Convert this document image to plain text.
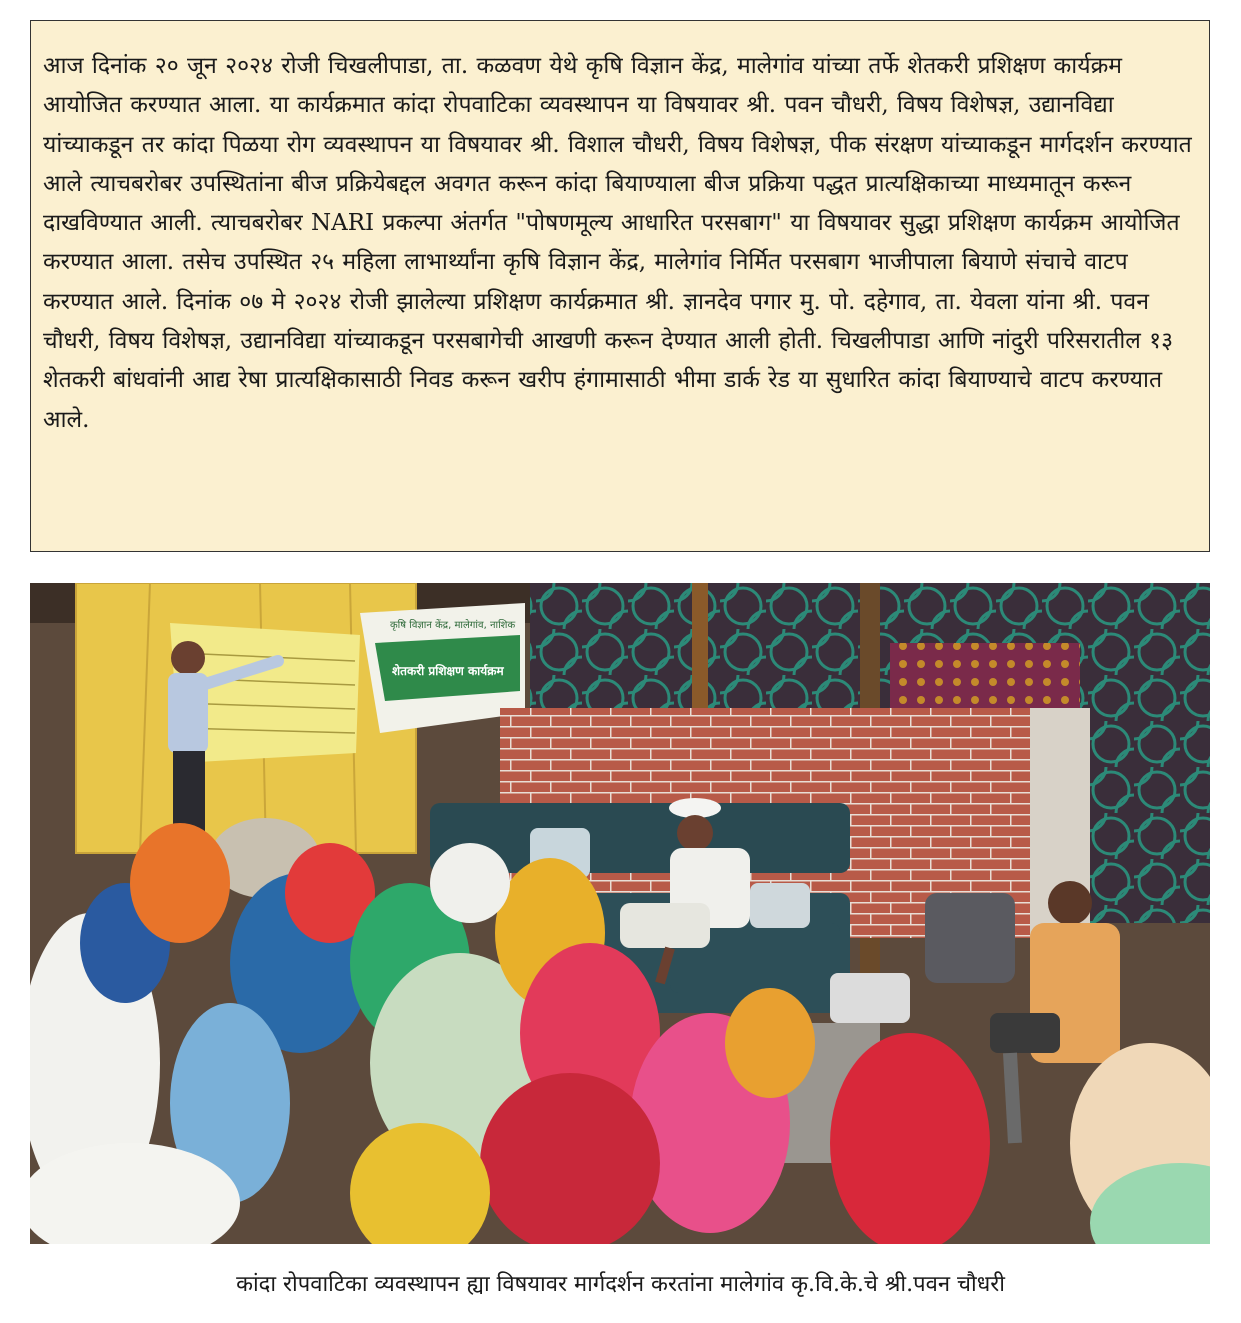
आज दिनांक २० जून २०२४ रोजी चिखलीपाडा, ता. कळवण येथे कृषि विज्ञान केंद्र, मालेगांव यांच्या तर्फे शेतकरी प्रशिक्षण कार्यक्रम आयोजित करण्यात आला. या कार्यक्रमात कांदा रोपवाटिका व्यवस्थापन या विषयावर श्री. पवन चौधरी, विषय विशेषज्ञ, उद्यानविद्या यांच्याकडून तर कांदा पिळया रोग व्यवस्थापन या विषयावर श्री. विशाल चौधरी, विषय विशेषज्ञ, पीक संरक्षण यांच्याकडून मार्गदर्शन करण्यात आले त्याचबरोबर उपस्थितांना बीज प्रक्रियेबद्दल अवगत करून कांदा बियाण्याला बीज प्रक्रिया पद्धत प्रात्यक्षिकाच्या माध्यमातून करून दाखविण्यात आली. त्याचबरोबर NARI प्रकल्पा अंतर्गत "पोषणमूल्य आधारित परसबाग" या विषयावर सुद्धा प्रशिक्षण कार्यक्रम आयोजित करण्यात आला. तसेच उपस्थित २५ महिला लाभार्थ्यांना कृषि विज्ञान केंद्र, मालेगांव निर्मित परसबाग भाजीपाला बियाणे संचाचे वाटप करण्यात आले. दिनांक ०७ मे २०२४ रोजी झालेल्या प्रशिक्षण कार्यक्रमात श्री. ज्ञानदेव पगार मु. पो. दहेगाव, ता. येवला यांना श्री. पवन चौधरी, विषय विशेषज्ञ, उद्यानविद्या यांच्याकडून परसबागेची आखणी करून देण्यात आली होती. चिखलीपाडा आणि नांदुरी परिसरातील १३ शेतकरी बांधवांनी आद्य रेषा प्रात्यक्षिकासाठी निवड करून खरीप हंगामासाठी भीमा डार्क रेड या सुधारित कांदा बियाण्याचे वाटप करण्यात आले.

कृषि विज्ञान केंद्र, मालेगांव, नाशिक
शेतकरी प्रशिक्षण कार्यक्रम
कांदा रोपवाटिका व्यवस्थापन ह्या विषयावर मार्गदर्शन करतांना मालेगांव कृ.वि.के.चे श्री.पवन चौधरी
